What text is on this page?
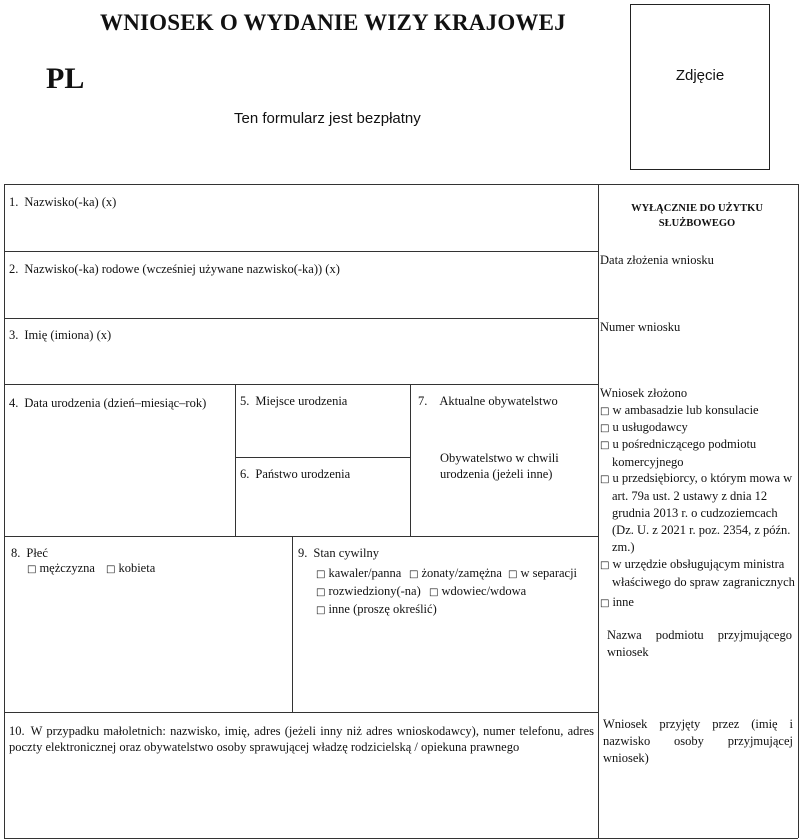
WNIOSEK O WYDANIE WIZY KRAJOWEJ
PL
Ten formularz jest bezpłatny
Zdjęcie
1. Nazwisko(-ka) (x)
2. Nazwisko(-ka) rodowe (wcześniej używane nazwisko(-ka)) (x)
3. Imię (imiona) (x)
4. Data urodzenia (dzień–miesiąc–rok)	5. Miejsce urodzenia
6. Państwo urodzenia
7. Aktualne obywatelstwo
Obywatelstwo w chwili urodzenia (jeżeli inne)
8. Płeć
□ mężczyzna □ kobieta
9. Stan cywilny
□ kawaler/panna □ żonaty/zamężna □ w separacji
□ rozwiedziony(-na) □ wdowiec/wdowa
□ inne (proszę określić)
10. W przypadku małoletnich: nazwisko, imię, adres (jeżeli inny niż adres wnioskodawcy), numer telefonu, adres poczty elektronicznej oraz obywatelstwo osoby sprawującej władzę rodzicielską / opiekuna prawnego
WYŁĄCZNIE DO UŻYTKU SŁUŻBOWEGO
Data złożenia wniosku
Numer wniosku
Wniosek złożono
□ w ambasadzie lub konsulacie
□ u usługodawcy
□ u pośredniczącego podmiotu komercyjnego
□ u przedsiębiorcy, o którym mowa w art. 79a ust. 2 ustawy z dnia 12 grudnia 2013 r. o cudzoziemcach (Dz. U. z 2021 r. poz. 2354, z późn. zm.)
□ w urzędzie obsługującym ministra właściwego do spraw zagranicznych
□ inne
Nazwa podmiotu przyjmującego wniosek
Wniosek przyjęty przez (imię i nazwisko osoby przyjmującej wniosek)
